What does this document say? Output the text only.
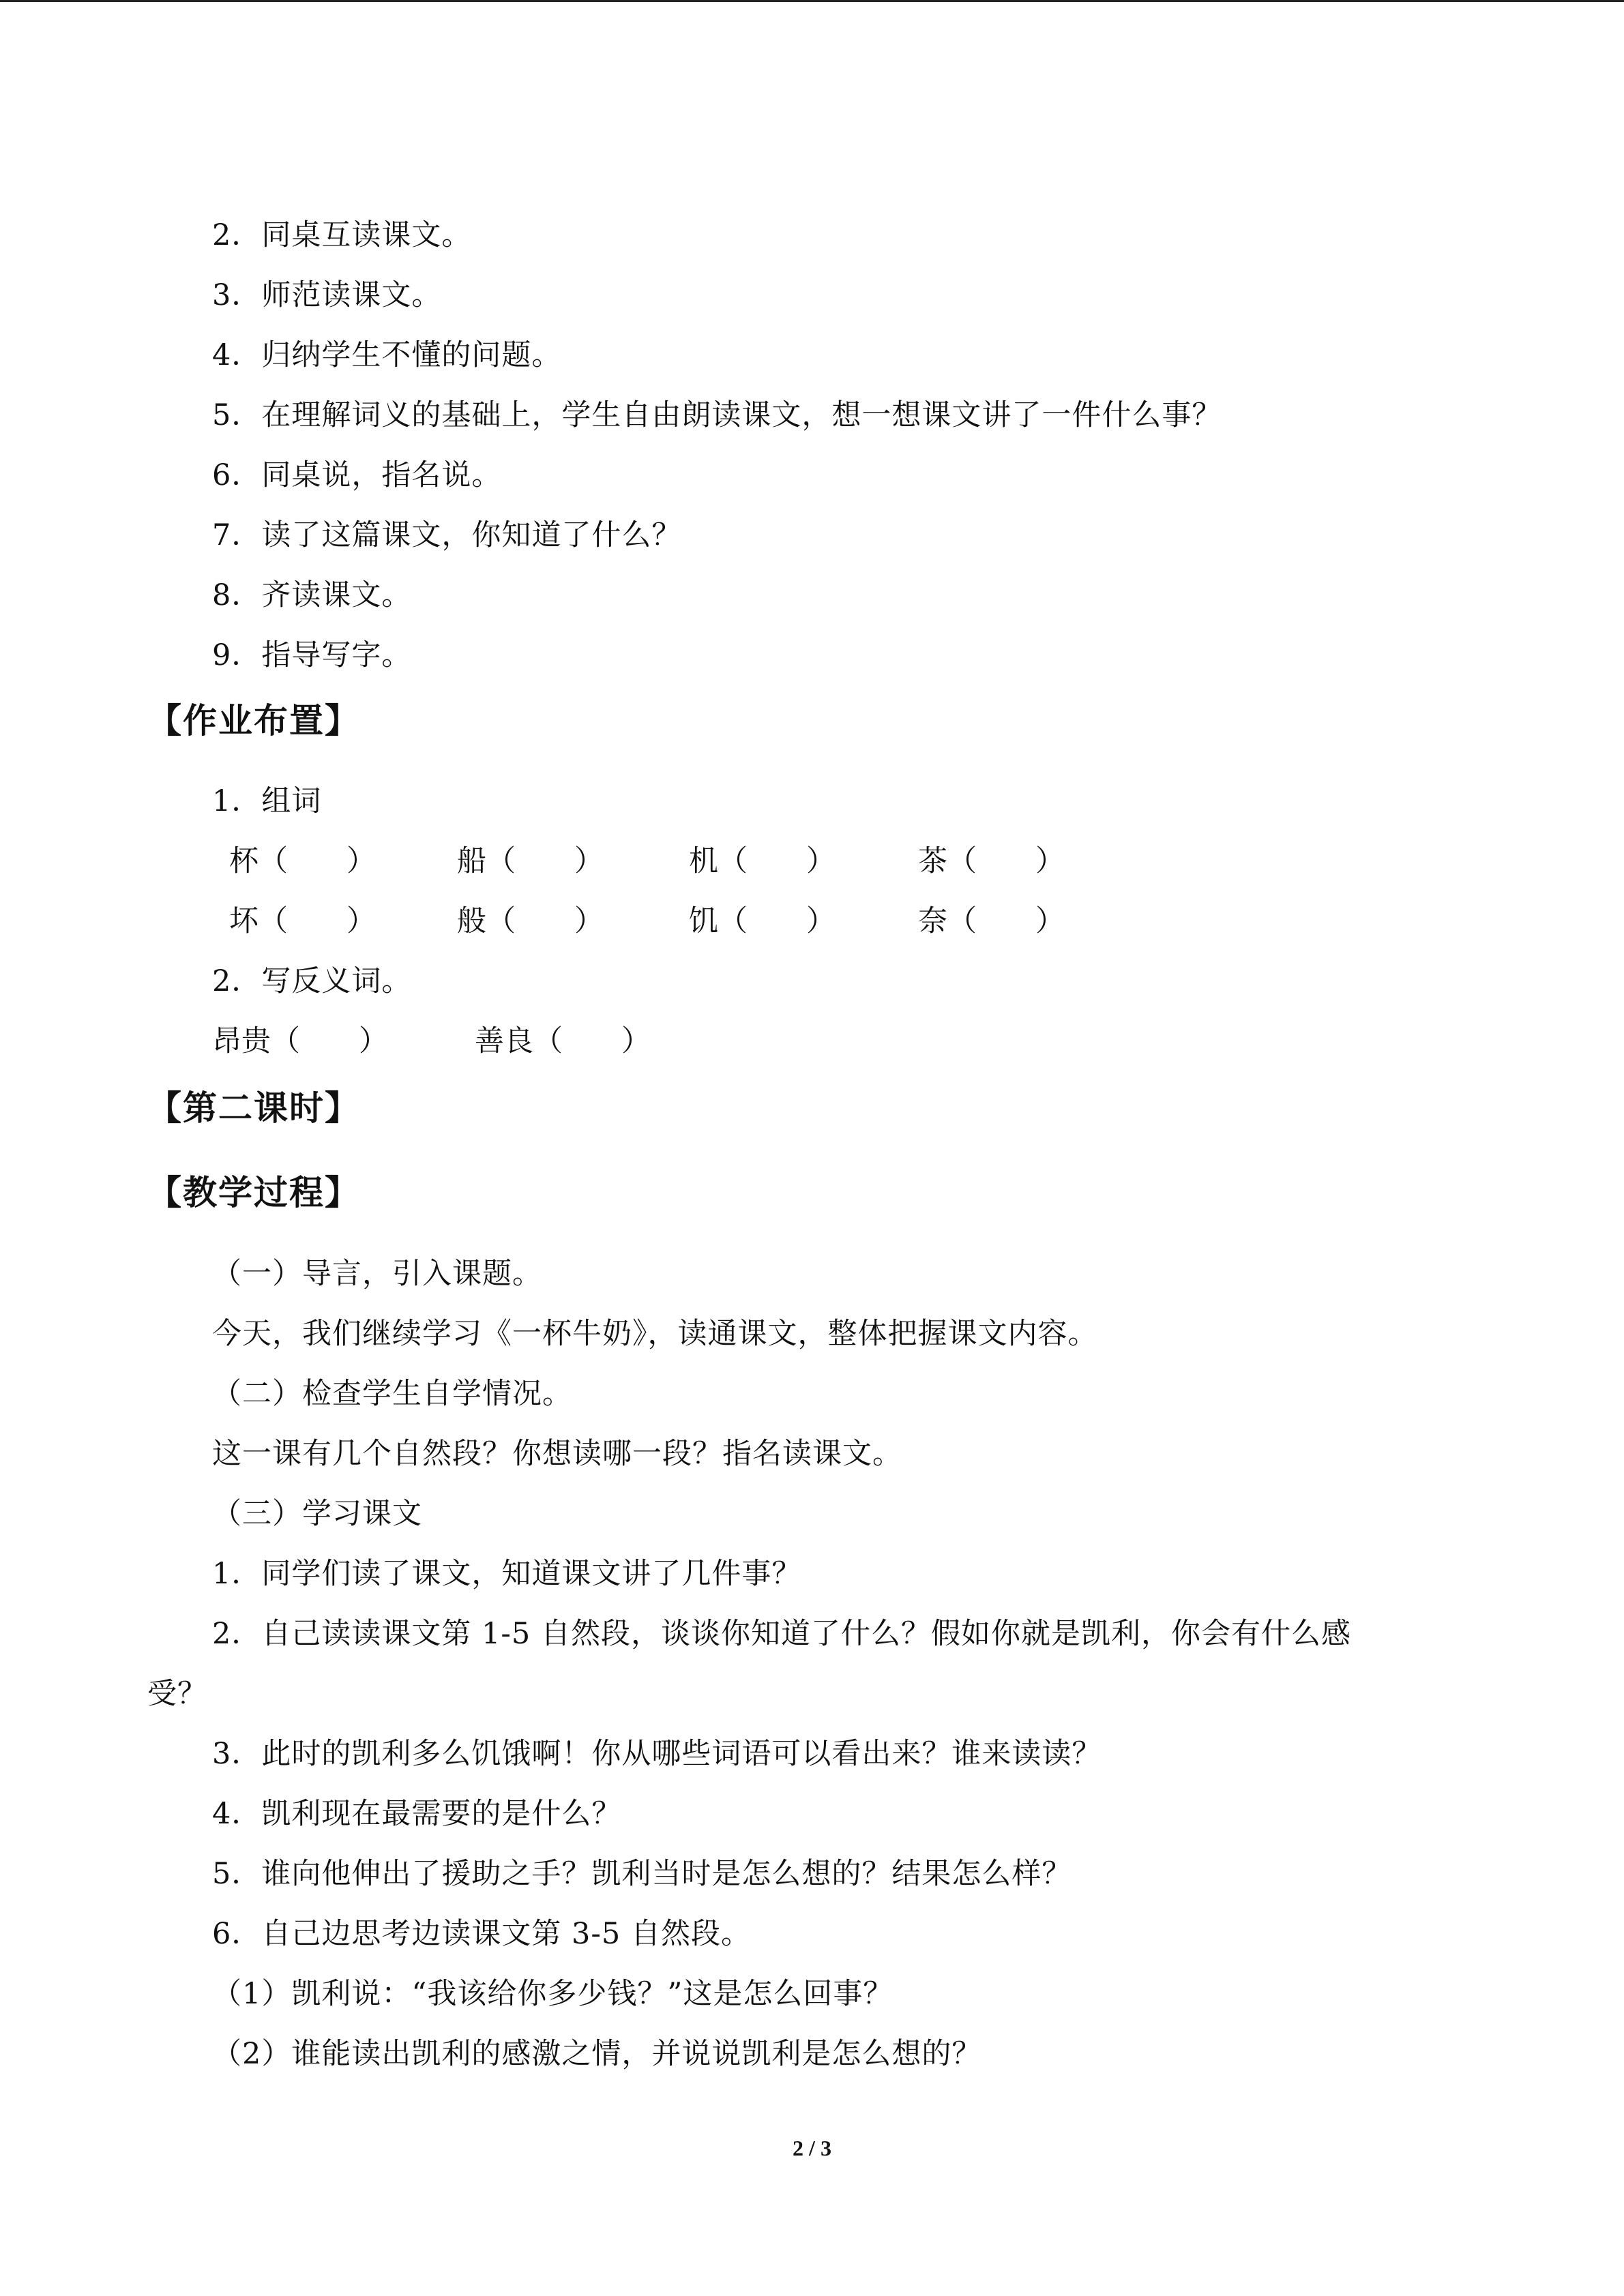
2．同桌互读课文。
3．师范读课文。
4．归纳学生不懂的问题。
5．在理解词义的基础上，学生自由朗读课文，想一想课文讲了一件什么事？
6．同桌说，指名说。
7．读了这篇课文，你知道了什么？
8．齐读课文。
9．指导写字。
【作业布置】
1．组词
杯（　　）	船（　　）	机（　　）	茶（　　）
坏（　　）	般（　　）	饥（　　）	奈（　　）
2．写反义词。
昂贵（　　）	善良（　　）
【第二课时】
【教学过程】
（一）导言，引入课题。
今天，我们继续学习《一杯牛奶》，读通课文，整体把握课文内容。
（二）检查学生自学情况。
这一课有几个自然段？你想读哪一段？指名读课文。
（三）学习课文
1．同学们读了课文，知道课文讲了几件事？
2．自己读读课文第 1-5 自然段，谈谈你知道了什么？假如你就是凯利，你会有什么感
受？
3．此时的凯利多么饥饿啊！你从哪些词语可以看出来？谁来读读？
4．凯利现在最需要的是什么？
5．谁向他伸出了援助之手？凯利当时是怎么想的？结果怎么样？
6．自己边思考边读课文第 3-5 自然段。
（1）凯利说：“我该给你多少钱？”这是怎么回事？
（2）谁能读出凯利的感激之情，并说说凯利是怎么想的？
2 / 3
